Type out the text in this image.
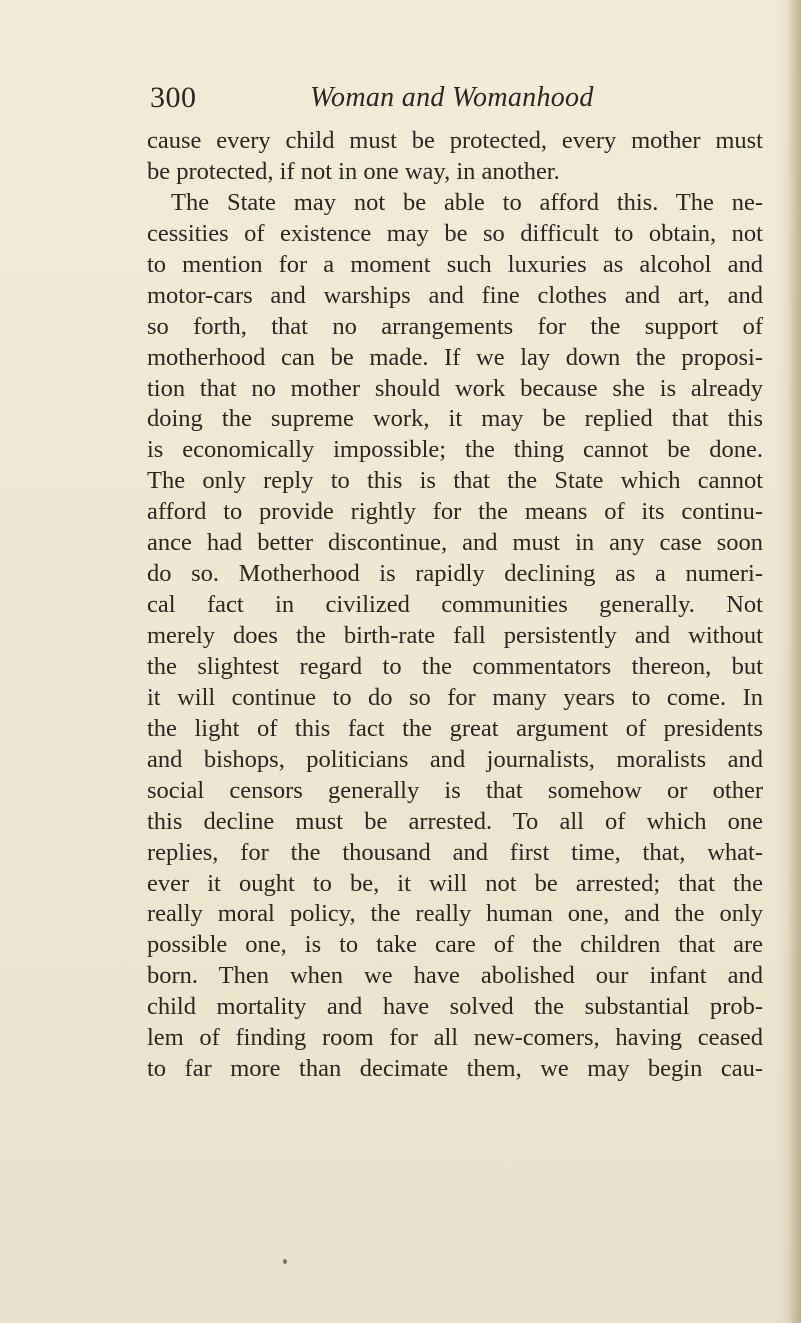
300	Woman and Womanhood
cause every child must be protected, every mother must
be protected, if not in one way, in another.
The State may not be able to afford this. The ne-
cessities of existence may be so difficult to obtain, not
to mention for a moment such luxuries as alcohol and
motor-cars and warships and fine clothes and art, and
so forth, that no arrangements for the support of
motherhood can be made. If we lay down the proposi-
tion that no mother should work because she is already
doing the supreme work, it may be replied that this
is economically impossible; the thing cannot be done.
The only reply to this is that the State which cannot
afford to provide rightly for the means of its continu-
ance had better discontinue, and must in any case soon
do so. Motherhood is rapidly declining as a numeri-
cal fact in civilized communities generally. Not
merely does the birth-rate fall persistently and without
the slightest regard to the commentators thereon, but
it will continue to do so for many years to come. In
the light of this fact the great argument of presidents
and bishops, politicians and journalists, moralists and
social censors generally is that somehow or other
this decline must be arrested. To all of which one
replies, for the thousand and first time, that, what-
ever it ought to be, it will not be arrested; that the
really moral policy, the really human one, and the only
possible one, is to take care of the children that are
born. Then when we have abolished our infant and
child mortality and have solved the substantial prob-
lem of finding room for all new-comers, having ceased
to far more than decimate them, we may begin cau-
